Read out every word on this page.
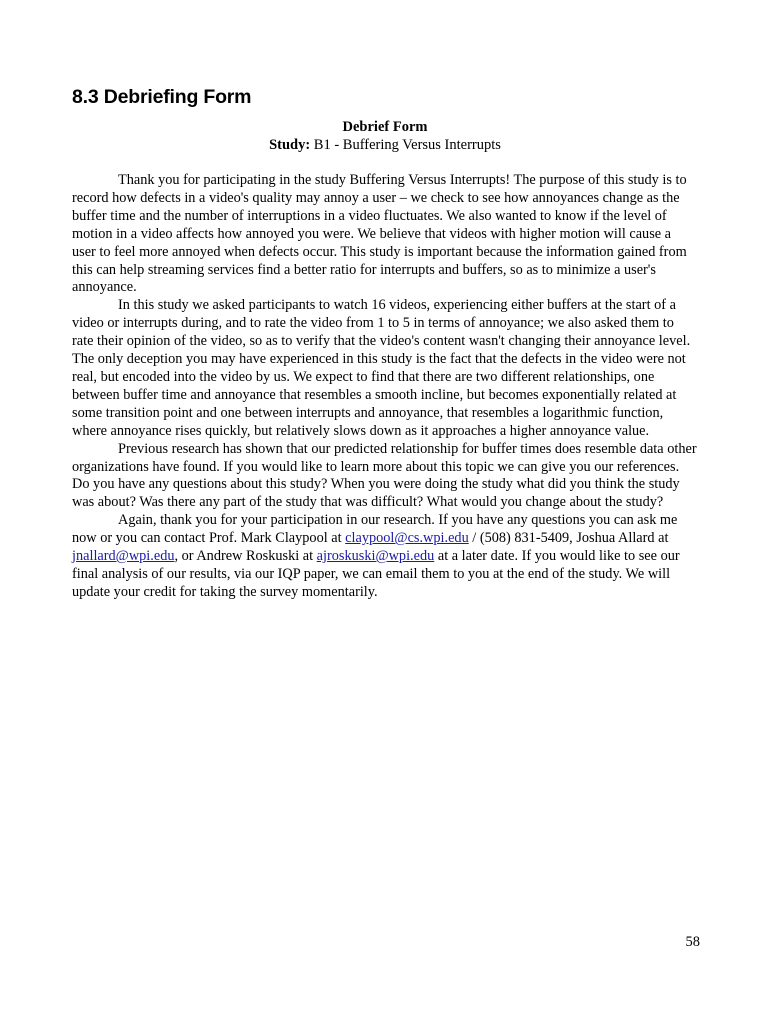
8.3 Debriefing Form
Debrief Form
Study: B1 - Buffering Versus Interrupts

Thank you for participating in the study Buffering Versus Interrupts! The purpose of this study is to record how defects in a video's quality may annoy a user – we check to see how annoyances change as the buffer time and the number of interruptions in a video fluctuates. We also wanted to know if the level of motion in a video affects how annoyed you were. We believe that videos with higher motion will cause a user to feel more annoyed when defects occur. This study is important because the information gained from this can help streaming services find a better ratio for interrupts and buffers, so as to minimize a user's annoyance.

In this study we asked participants to watch 16 videos, experiencing either buffers at the start of a video or interrupts during, and to rate the video from 1 to 5 in terms of annoyance; we also asked them to rate their opinion of the video, so as to verify that the video's content wasn't changing their annoyance level. The only deception you may have experienced in this study is the fact that the defects in the video were not real, but encoded into the video by us. We expect to find that there are two different relationships, one between buffer time and annoyance that resembles a smooth incline, but becomes exponentially related at some transition point and one between interrupts and annoyance, that resembles a logarithmic function, where annoyance rises quickly, but relatively slows down as it approaches a higher annoyance value.

Previous research has shown that our predicted relationship for buffer times does resemble data other organizations have found. If you would like to learn more about this topic we can give you our references. Do you have any questions about this study? When you were doing the study what did you think the study was about? Was there any part of the study that was difficult? What would you change about the study?

Again, thank you for your participation in our research. If you have any questions you can ask me now or you can contact Prof. Mark Claypool at claypool@cs.wpi.edu / (508) 831-5409, Joshua Allard at jnallard@wpi.edu, or Andrew Roskuski at ajroskuski@wpi.edu at a later date. If you would like to see our final analysis of our results, via our IQP paper, we can email them to you at the end of the study. We will update your credit for taking the survey momentarily.

58
